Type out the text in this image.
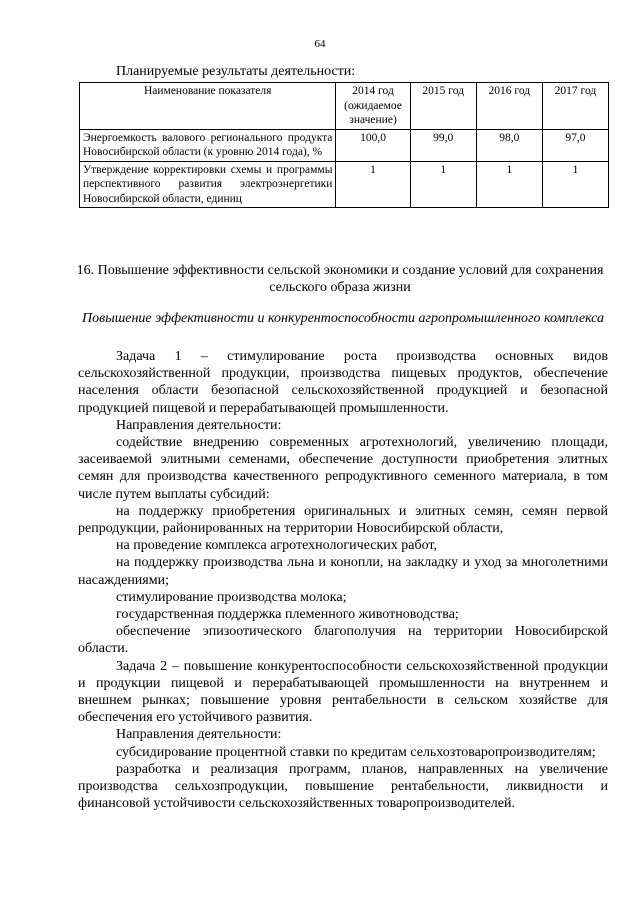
64
Планируемые результаты деятельности:
Наименование показателя	2014 год (ожидаемое значение)	2015 год	2016 год	2017 год
Энергоемкость валового регионального продукта Новосибирской области (к уровню 2014 года), %	100,0	99,0	98,0	97,0
Утверждение корректировки схемы и программы перспективного развития электроэнергетики Новосибирской области, единиц	1	1	1	1
16. Повышение эффективности сельской экономики и создание условий для сохранения сельского образа жизни
Повышение эффективности и конкурентоспособности агропромышленного комплекса

Задача 1 – стимулирование роста производства основных видов сельскохозяйственной продукции, производства пищевых продуктов, обеспечение населения области безопасной сельскохозяйственной продукцией и безопасной продукцией пищевой и перерабатывающей промышленности.

Направления деятельности:

содействие внедрению современных агротехнологий, увеличению площади, засеиваемой элитными семенами, обеспечение доступности приобретения элитных семян для производства качественного репродуктивного семенного материала, в том числе путем выплаты субсидий:

на поддержку приобретения оригинальных и элитных семян, семян первой репродукции, районированных на территории Новосибирской области,

на проведение комплекса агротехнологических работ,

на поддержку производства льна и конопли, на закладку и уход за многолетними насаждениями;

стимулирование производства молока;

государственная поддержка племенного животноводства;

обеспечение эпизоотического благополучия на территории Новосибирской области.

Задача 2 – повышение конкурентоспособности сельскохозяйственной продукции и продукции пищевой и перерабатывающей промышленности на внутреннем и внешнем рынках; повышение уровня рентабельности в сельском хозяйстве для обеспечения его устойчивого развития.

Направления деятельности:

субсидирование процентной ставки по кредитам сельхозтоваропроизводителям;

разработка и реализация программ, планов, направленных на увеличение производства сельхозпродукции, повышение рентабельности, ликвидности и финансовой устойчивости сельскохозяйственных товаропроизводителей.
